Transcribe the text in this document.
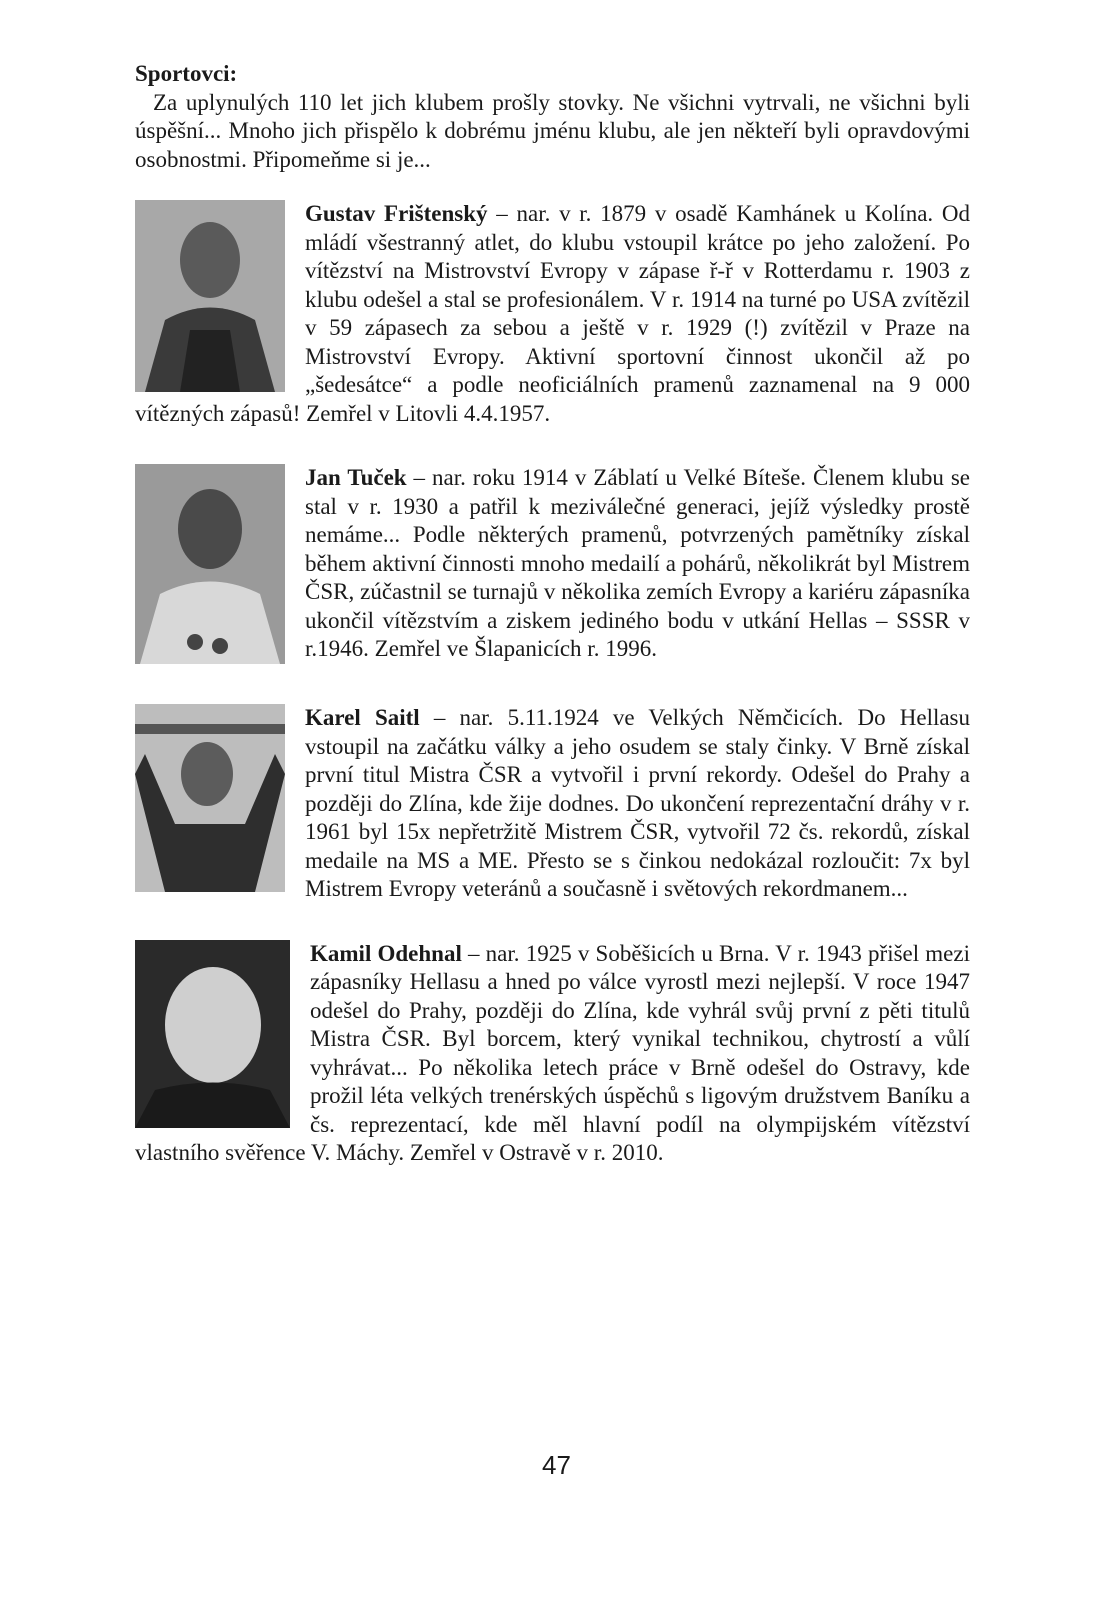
Sportovci:

Za uplynulých 110 let jich klubem prošly stovky. Ne všichni vytrvali, ne všichni byli úspěšní... Mnoho jich přispělo k dobrému jménu klubu, ale jen někteří byli opravdovými osobnostmi. Připomeňme si je...

Gustav Frištenský – nar. v r. 1879 v osadě Kamhánek u Kolína. Od mládí všestranný atlet, do klubu vstoupil krátce po jeho založení. Po vítězství na Mistrovství Evropy v zápase ř-ř v Rotterdamu r. 1903 z klubu odešel a stal se profesionálem. V r. 1914 na turné po USA zvítězil v 59 zápasech za sebou a ještě v r. 1929 (!) zvítězil v Praze na Mistrovství Evropy. Aktivní sportovní činnost ukončil až po „šedesátce“ a podle neoficiálních pramenů zaznamenal na 9 000 vítězných zápasů! Zemřel v Litovli 4.4.1957.

Jan Tuček – nar. roku 1914 v Záblatí u Velké Bíteše. Členem klubu se stal v r. 1930 a patřil k meziválečné generaci, jejíž výsledky prostě nemáme... Podle některých pramenů, potvrzených pamětníky získal během aktivní činnosti mnoho medailí a pohárů, několikrát byl Mistrem ČSR, zúčastnil se turnajů v několika zemích Evropy a kariéru zápasníka ukončil vítězstvím a ziskem jediného bodu v utkání Hellas – SSSR v r.1946. Zemřel ve Šlapanicích r. 1996.

Karel Saitl – nar. 5.11.1924 ve Velkých Němčicích. Do Hellasu vstoupil na začátku války a jeho osudem se staly činky. V Brně získal první titul Mistra ČSR a vytvořil i první rekordy. Odešel do Prahy a později do Zlína, kde žije dodnes. Do ukončení reprezentační dráhy v r. 1961 byl 15x nepřetržitě Mistrem ČSR, vytvořil 72 čs. rekordů, získal medaile na MS a ME. Přesto se s činkou nedokázal rozloučit: 7x byl Mistrem Evropy veteránů a současně i světových rekordmanem...

Kamil Odehnal – nar. 1925 v Soběšicích u Brna. V r. 1943 přišel mezi zápasníky Hellasu a hned po válce vyrostl mezi nejlepší. V roce 1947 odešel do Prahy, později do Zlína, kde vyhrál svůj první z pěti titulů Mistra ČSR. Byl borcem, který vynikal technikou, chytrostí a vůlí vyhrávat... Po několika letech práce v Brně odešel do Ostravy, kde prožil léta velkých trenérských úspěchů s ligovým družstvem Baníku a čs. reprezentací, kde měl hlavní podíl na olympijském vítězství vlastního svěřence V. Máchy. Zemřel v Ostravě v r. 2010.

47
